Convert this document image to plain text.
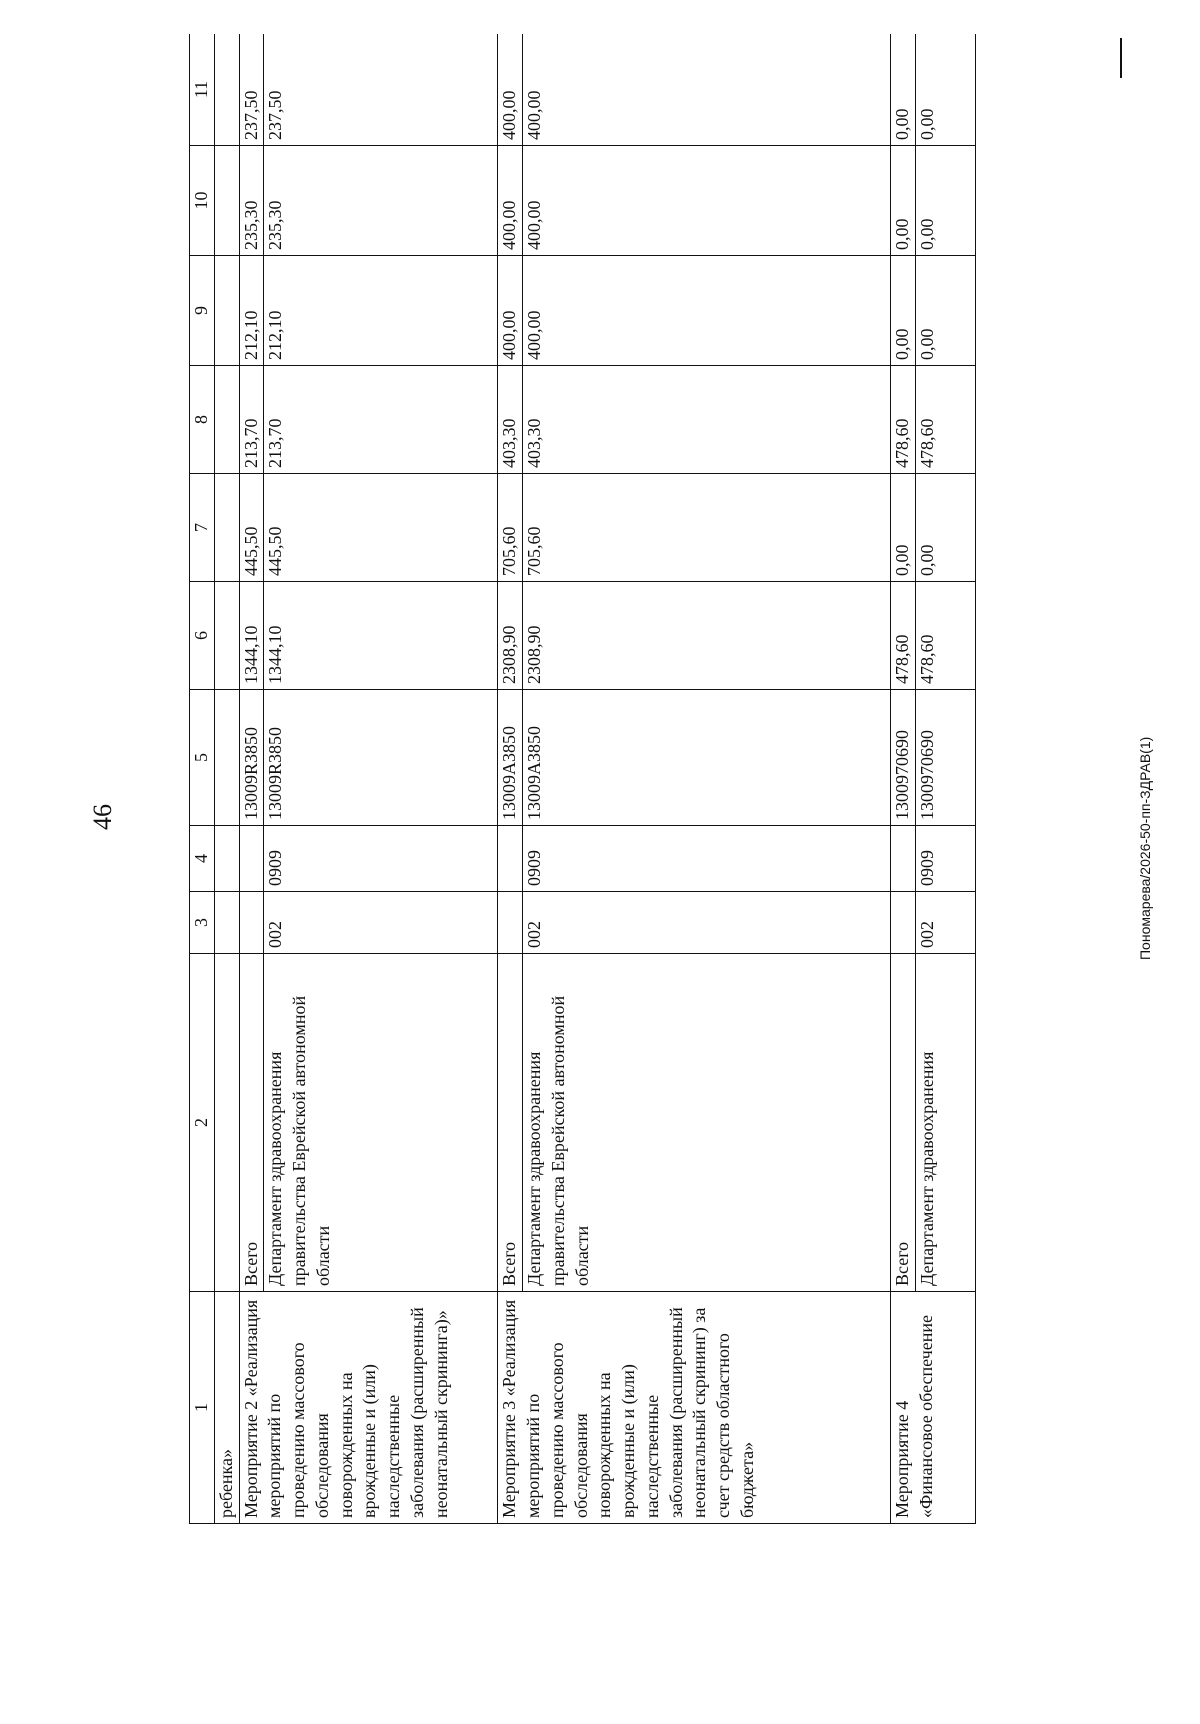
46	Пономарева/2026-50-пп-ЗДРАВ(1)
1	2	3	4	5	6	7	8	9	10	11
ребенка»										
Мероприятие 2 «Реализация мероприятий по проведению массового обследования новорожденных на врожденные и (или) наследственные заболевания (расширенный неонатальный скрининга)»	Всего			13009R3850	1344,10	445,50	213,70	212,10	235,30	237,50
	Департамент здравоохранения правительства Еврейской автономной области	002	0909	13009R3850	1344,10	445,50	213,70	212,10	235,30	237,50
Мероприятие 3 «Реализация мероприятий по проведению массового обследования новорожденных на врожденные и (или) наследственные заболевания (расширенный неонатальный скрининг) за счет средств областного бюджета»	Всего			13009А3850	2308,90	705,60	403,30	400,00	400,00	400,00
	Департамент здравоохранения правительства Еврейской автономной области	002	0909	13009А3850	2308,90	705,60	403,30	400,00	400,00	400,00
Мероприятие 4 «Финансовое обеспечение	Всего			1300970690	478,60	0,00	478,60	0,00	0,00	0,00
	Департамент здравоохранения	002	0909	1300970690	478,60	0,00	478,60	0,00	0,00	0,00
